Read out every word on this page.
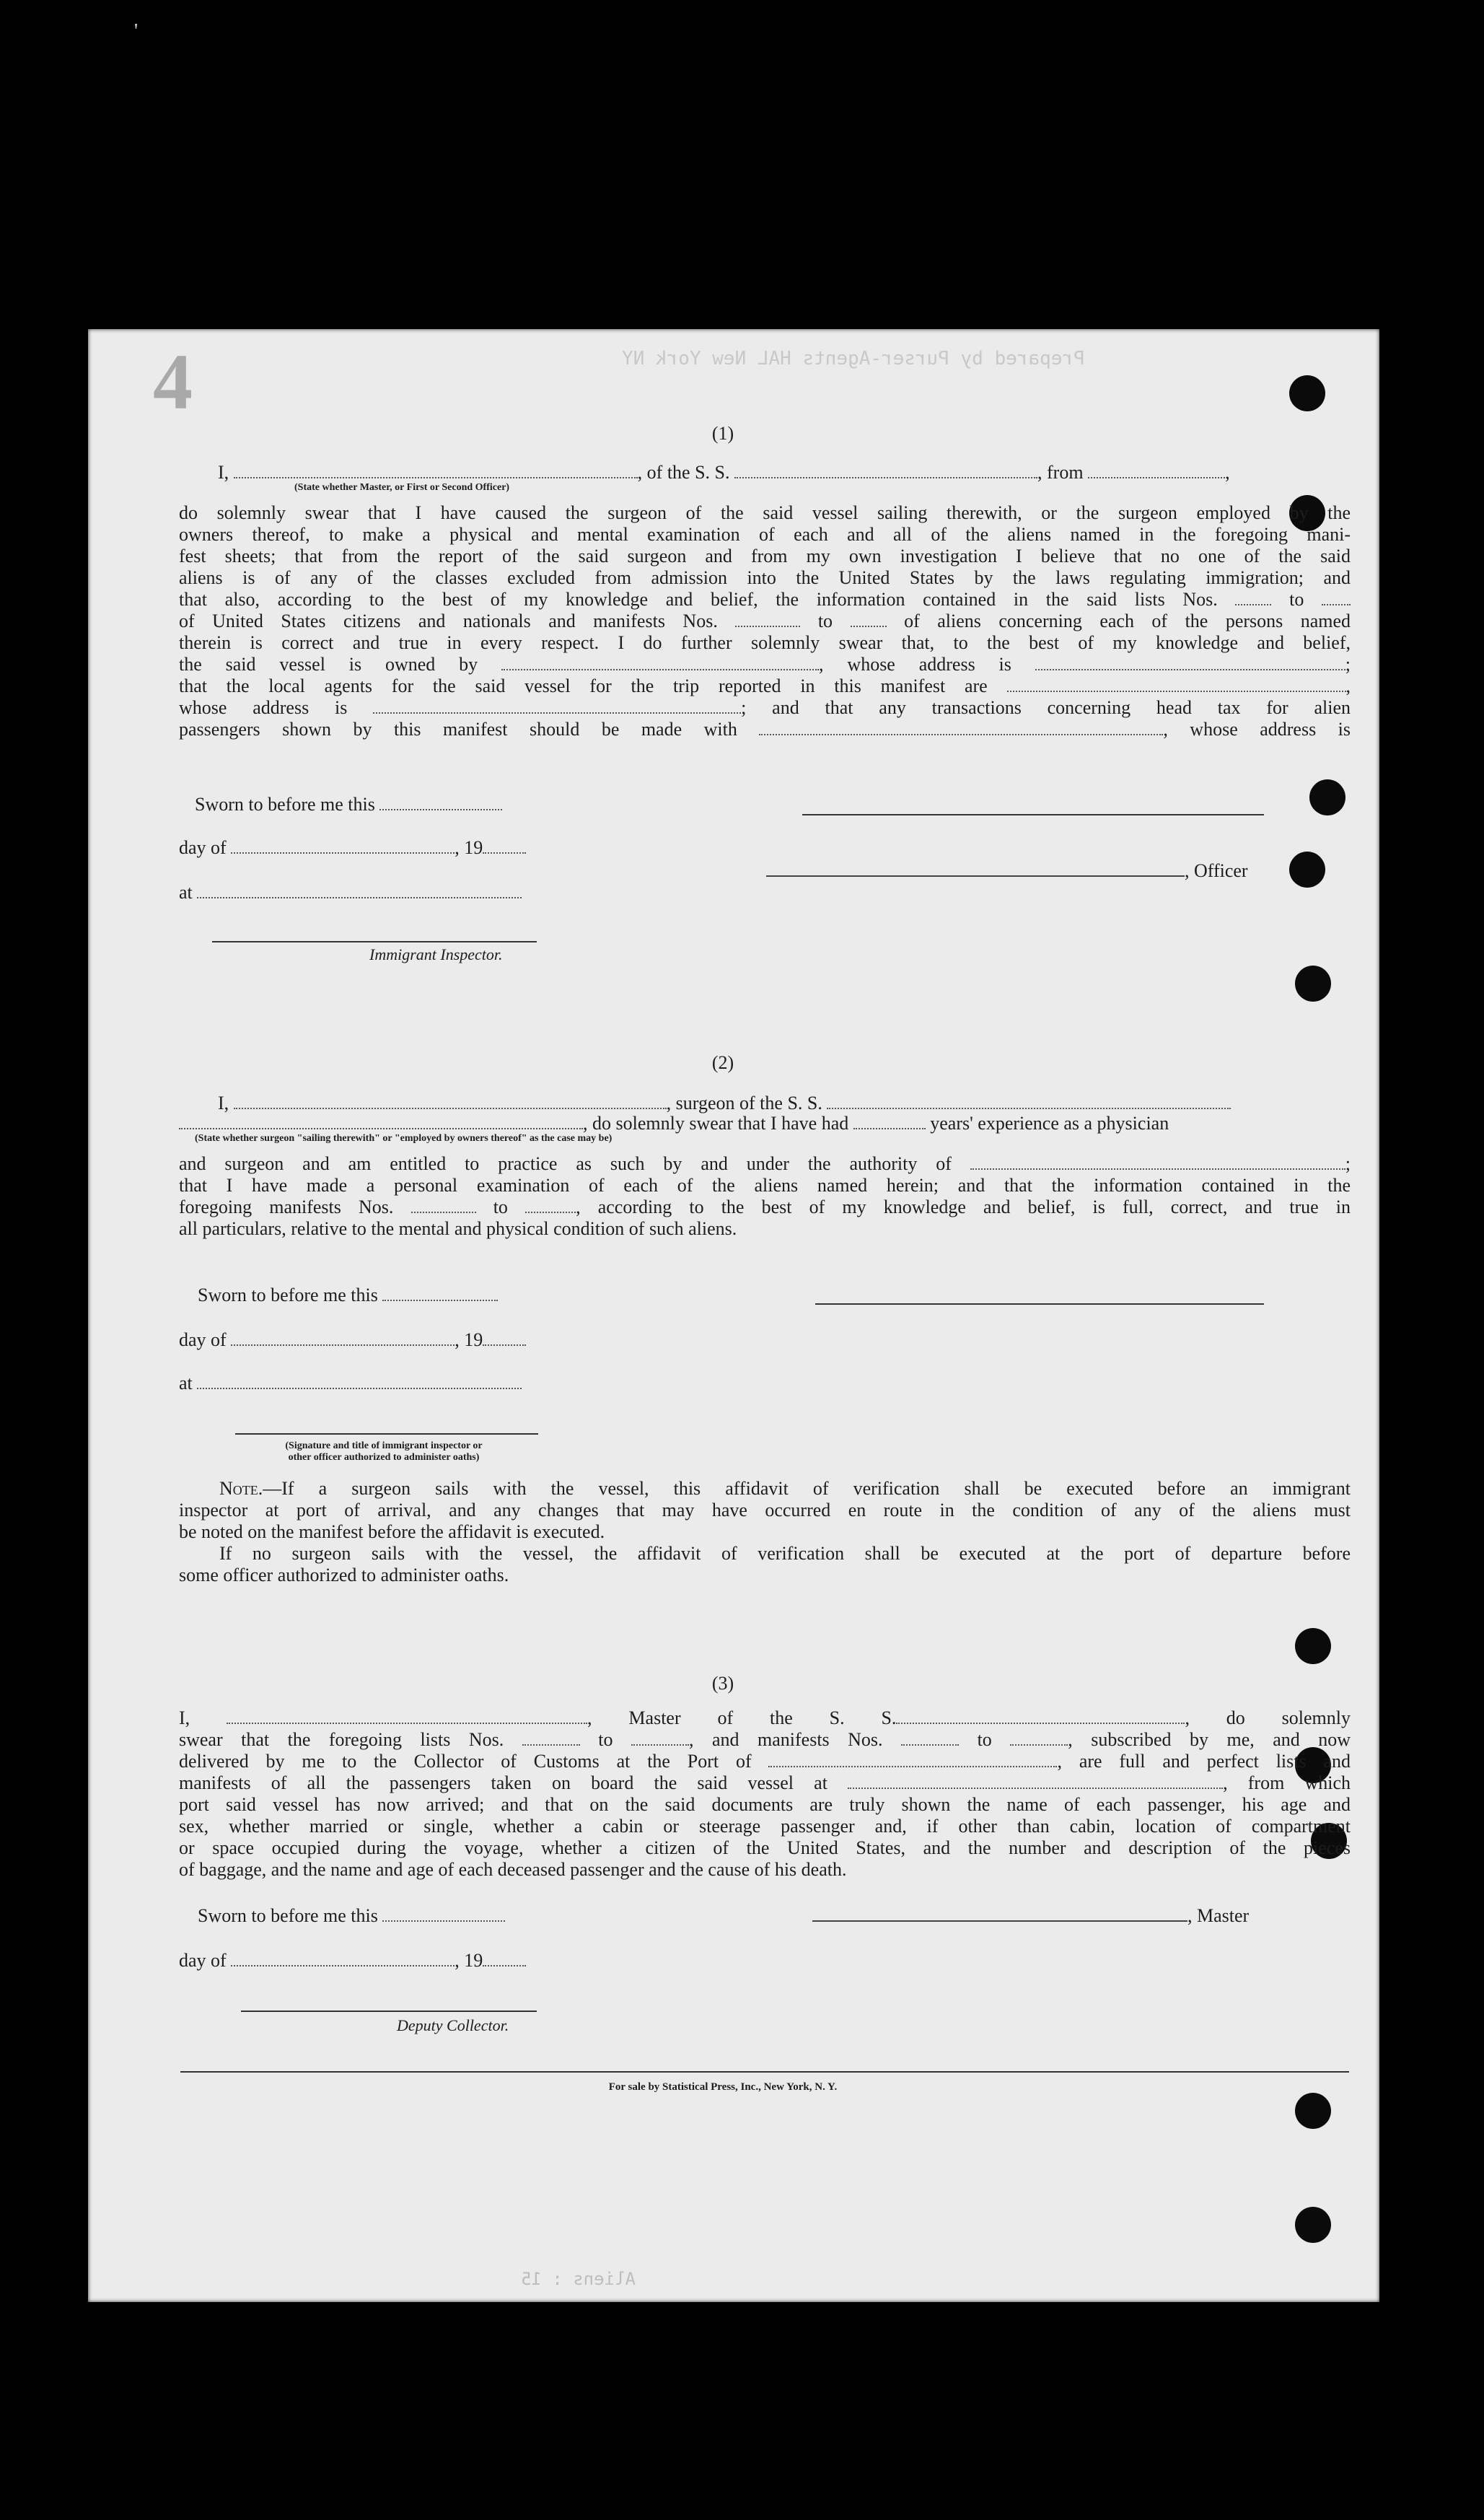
'
Prepared by Purser-Agents HAL New York NY
Aliens : 15
4
(1)
I,	, of the S. S.	, from	,
(State whether Master, or First or Second Officer)
do solemnly swear that I have caused the surgeon of the said vessel sailing therewith, or the surgeon employed by the
owners thereof, to make a physical and mental examination of each and all of the aliens named in the foregoing mani-
fest sheets; that from the report of the said surgeon and from my own investigation I believe that no one of the said
aliens is of any of the classes excluded from admission into the United States by the laws regulating immigration; and
that also, according to the best of my knowledge and belief, the information contained in the said lists Nos.	to
of United States citizens and nationals and manifests Nos.	to	of aliens concerning each of the persons named
therein is correct and true in every respect. I do further solemnly swear that, to the best of my knowledge and belief,
the said vessel is owned by	, whose address is	;
that the local agents for the said vessel for the trip reported in this manifest are	,
whose address is	; and that any transactions concerning head tax for alien
passengers shown by this manifest should be made with	, whose address is
Sworn to before me this
day of	, 19
at
Immigrant Inspector.
, Officer
(2)
I,	, surgeon of the S. S.
, do solemnly swear that I have had	years' experience as a physician
(State whether surgeon "sailing therewith" or "employed by owners thereof" as the case may be)
and surgeon and am entitled to practice as such by and under the authority of	;
that I have made a personal examination of each of the aliens named herein; and that the information contained in the
foregoing manifests Nos.	to	, according to the best of my knowledge and belief, is full, correct, and true in
all particulars, relative to the mental and physical condition of such aliens.
Sworn to before me this
day of	, 19
at
(Signature and title of immigrant inspector or
other officer authorized to administer oaths)
Note.—If a surgeon sails with the vessel, this affidavit of verification shall be executed before an immigrant
inspector at port of arrival, and any changes that may have occurred en route in the condition of any of the aliens must
be noted on the manifest before the affidavit is executed.
If no surgeon sails with the vessel, the affidavit of verification shall be executed at the port of departure before
some officer authorized to administer oaths.
(3)
I,	, Master of the S. S.	, do solemnly
swear that the foregoing lists Nos.	to	, and manifests Nos.	to	, subscribed by me, and now
delivered by me to the Collector of Customs at the Port of	, are full and perfect lists and
manifests of all the passengers taken on board the said vessel at	, from which
port said vessel has now arrived; and that on the said documents are truly shown the name of each passenger, his age and
sex, whether married or single, whether a cabin or steerage passenger and, if other than cabin, location of compartment
or space occupied during the voyage, whether a citizen of the United States, and the number and description of the pieces
of baggage, and the name and age of each deceased passenger and the cause of his death.
Sworn to before me this	, Master
day of	, 19
Deputy Collector.
For sale by Statistical Press, Inc., New York, N. Y.
